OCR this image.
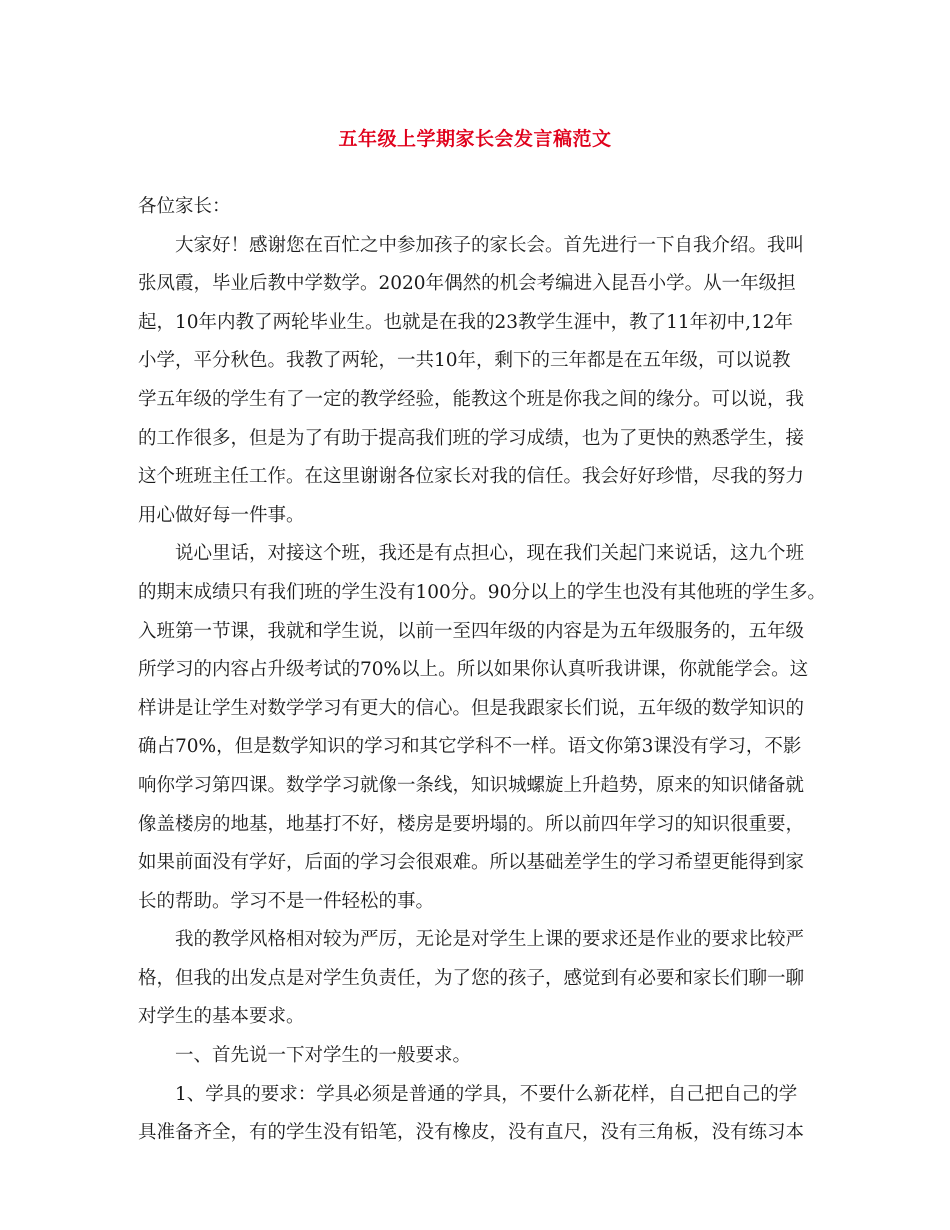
五年级上学期家长会发言稿范文
各位家长：
大家好！感谢您在百忙之中参加孩子的家长会。首先进行一下自我介绍。我叫
张凤霞，毕业后教中学数学。2020年偶然的机会考编进入昆吾小学。从一年级担
起，10年内教了两轮毕业生。也就是在我的23教学生涯中，教了11年初中,12年
小学，平分秋色。我教了两轮，一共10年，剩下的三年都是在五年级，可以说教
学五年级的学生有了一定的教学经验，能教这个班是你我之间的缘分。可以说，我
的工作很多，但是为了有助于提高我们班的学习成绩，也为了更快的熟悉学生，接
这个班班主任工作。在这里谢谢各位家长对我的信任。我会好好珍惜，尽我的努力
用心做好每一件事。
说心里话，对接这个班，我还是有点担心，现在我们关起门来说话，这九个班
的期末成绩只有我们班的学生没有100分。90分以上的学生也没有其他班的学生多。
入班第一节课，我就和学生说，以前一至四年级的内容是为五年级服务的，五年级
所学习的内容占升级考试的70%以上。所以如果你认真听我讲课，你就能学会。这
样讲是让学生对数学学习有更大的信心。但是我跟家长们说，五年级的数学知识的
确占70%，但是数学知识的学习和其它学科不一样。语文你第3课没有学习，不影
响你学习第四课。数学学习就像一条线，知识城螺旋上升趋势，原来的知识储备就
像盖楼房的地基，地基打不好，楼房是要坍塌的。所以前四年学习的知识很重要，
如果前面没有学好，后面的学习会很艰难。所以基础差学生的学习希望更能得到家
长的帮助。学习不是一件轻松的事。
我的教学风格相对较为严厉，无论是对学生上课的要求还是作业的要求比较严
格，但我的出发点是对学生负责任，为了您的孩子，感觉到有必要和家长们聊一聊
对学生的基本要求。
一、首先说一下对学生的一般要求。
1、学具的要求：学具必须是普通的学具，不要什么新花样，自己把自己的学
具准备齐全，有的学生没有铅笔，没有橡皮，没有直尺，没有三角板，没有练习本
